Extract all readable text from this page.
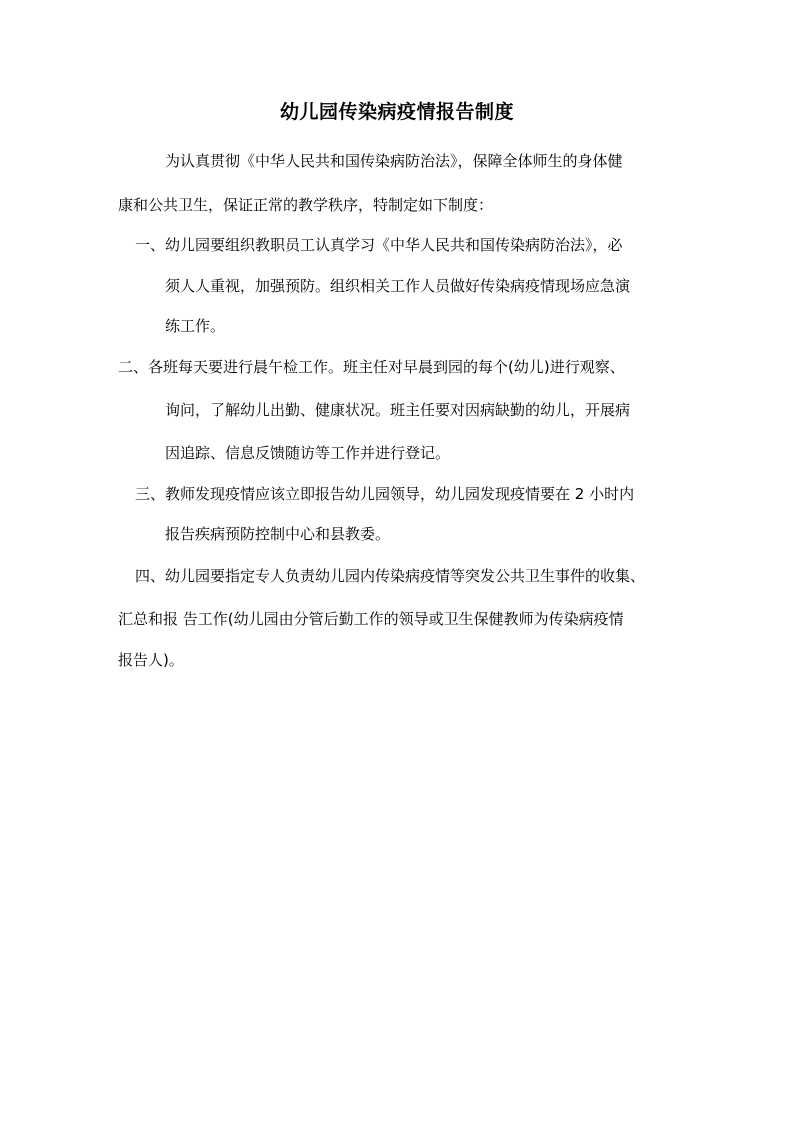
幼儿园传染病疫情报告制度
为认真贯彻《中华人民共和国传染病防治法》，保障全体师生的身体健
康和公共卫生，保证正常的教学秩序，特制定如下制度：
一、幼儿园要组织教职员工认真学习《中华人民共和国传染病防治法》，必
须人人重视，加强预防。组织相关工作人员做好传染病疫情现场应急演
练工作。
二、各班每天要进行晨午检工作。班主任对早晨到园的每个(幼儿)进行观察、
询问，了解幼儿出勤、健康状况。班主任要对因病缺勤的幼儿，开展病
因追踪、信息反馈随访等工作并进行登记。
三、教师发现疫情应该立即报告幼儿园领导，幼儿园发现疫情要在 2 小时内
报告疾病预防控制中心和县教委。
四、幼儿园要指定专人负责幼儿园内传染病疫情等突发公共卫生事件的收集、
汇总和报 告工作(幼儿园由分管后勤工作的领导或卫生保健教师为传染病疫情
报告人)。
